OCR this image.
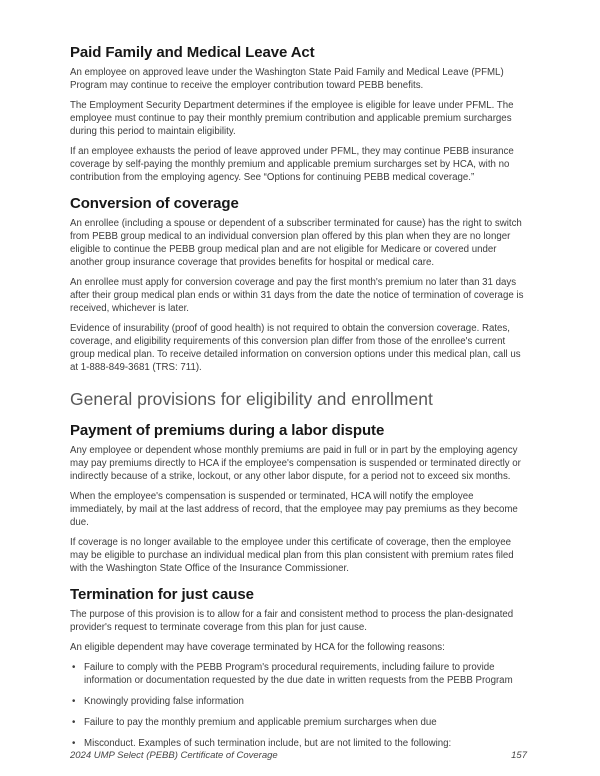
Paid Family and Medical Leave Act

An employee on approved leave under the Washington State Paid Family and Medical Leave (PFML) Program may continue to receive the employer contribution toward PEBB benefits.

The Employment Security Department determines if the employee is eligible for leave under PFML. The employee must continue to pay their monthly premium contribution and applicable premium surcharges during this period to maintain eligibility.

If an employee exhausts the period of leave approved under PFML, they may continue PEBB insurance coverage by self-paying the monthly premium and applicable premium surcharges set by HCA, with no contribution from the employing agency. See “Options for continuing PEBB medical coverage.”

Conversion of coverage

An enrollee (including a spouse or dependent of a subscriber terminated for cause) has the right to switch from PEBB group medical to an individual conversion plan offered by this plan when they are no longer eligible to continue the PEBB group medical plan and are not eligible for Medicare or covered under another group insurance coverage that provides benefits for hospital or medical care.

An enrollee must apply for conversion coverage and pay the first month's premium no later than 31 days after their group medical plan ends or within 31 days from the date the notice of termination of coverage is received, whichever is later.

Evidence of insurability (proof of good health) is not required to obtain the conversion coverage. Rates, coverage, and eligibility requirements of this conversion plan differ from those of the enrollee's current group medical plan. To receive detailed information on conversion options under this medical plan, call us at 1-888-849-3681 (TRS: 711).

General provisions for eligibility and enrollment
Payment of premiums during a labor dispute

Any employee or dependent whose monthly premiums are paid in full or in part by the employing agency may pay premiums directly to HCA if the employee's compensation is suspended or terminated directly or indirectly because of a strike, lockout, or any other labor dispute, for a period not to exceed six months.

When the employee's compensation is suspended or terminated, HCA will notify the employee immediately, by mail at the last address of record, that the employee may pay premiums as they become due.

If coverage is no longer available to the employee under this certificate of coverage, then the employee may be eligible to purchase an individual medical plan from this plan consistent with premium rates filed with the Washington State Office of the Insurance Commissioner.

Termination for just cause

The purpose of this provision is to allow for a fair and consistent method to process the plan-designated provider's request to terminate coverage from this plan for just cause.

An eligible dependent may have coverage terminated by HCA for the following reasons:

• Failure to comply with the PEBB Program's procedural requirements, including failure to provide information or documentation requested by the due date in written requests from the PEBB Program
• Knowingly providing false information
• Failure to pay the monthly premium and applicable premium surcharges when due
• Misconduct. Examples of such termination include, but are not limited to the following:
2024 UMP Select (PEBB) Certificate of Coverage	157
